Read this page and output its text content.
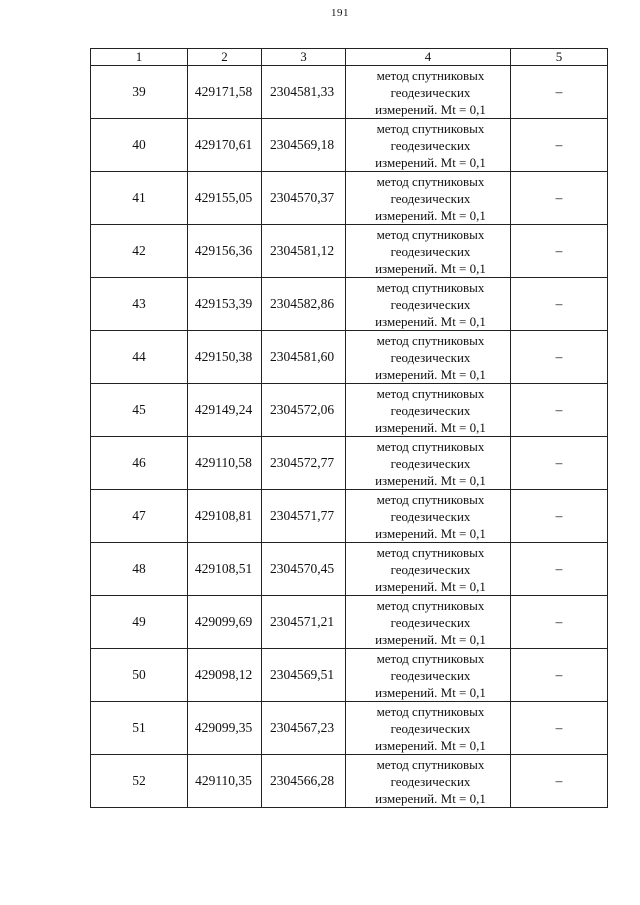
191
1	2	3	4	5
39	429171,58	2304581,33	метод спутниковых
геодезических
измерений. Mt = 0,1	–
40	429170,61	2304569,18	метод спутниковых
геодезических
измерений. Mt = 0,1	–
41	429155,05	2304570,37	метод спутниковых
геодезических
измерений. Mt = 0,1	–
42	429156,36	2304581,12	метод спутниковых
геодезических
измерений. Mt = 0,1	–
43	429153,39	2304582,86	метод спутниковых
геодезических
измерений. Mt = 0,1	–
44	429150,38	2304581,60	метод спутниковых
геодезических
измерений. Mt = 0,1	–
45	429149,24	2304572,06	метод спутниковых
геодезических
измерений. Mt = 0,1	–
46	429110,58	2304572,77	метод спутниковых
геодезических
измерений. Mt = 0,1	–
47	429108,81	2304571,77	метод спутниковых
геодезических
измерений. Mt = 0,1	–
48	429108,51	2304570,45	метод спутниковых
геодезических
измерений. Mt = 0,1	–
49	429099,69	2304571,21	метод спутниковых
геодезических
измерений. Mt = 0,1	–
50	429098,12	2304569,51	метод спутниковых
геодезических
измерений. Mt = 0,1	–
51	429099,35	2304567,23	метод спутниковых
геодезических
измерений. Mt = 0,1	–
52	429110,35	2304566,28	метод спутниковых
геодезических
измерений. Mt = 0,1	–
